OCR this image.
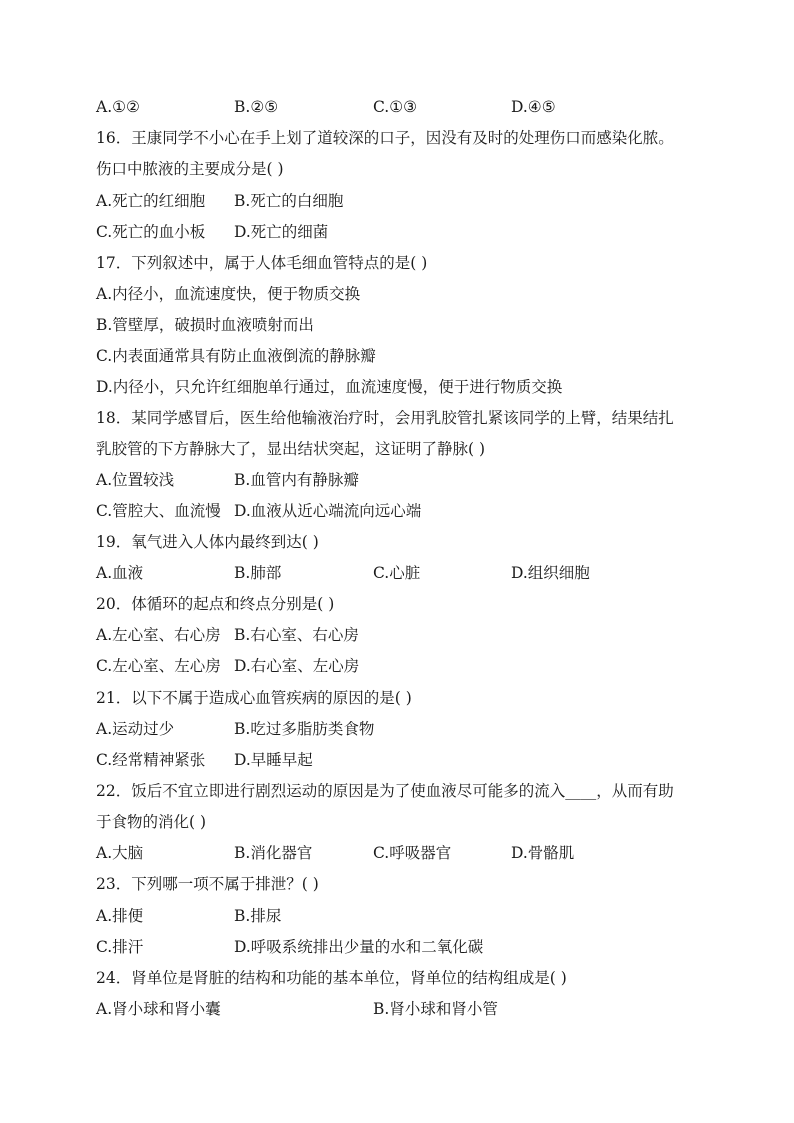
A.①②	B.②⑤	C.①③	D.④⑤
16．王康同学不小心在手上划了道较深的口子，因没有及时的处理伤口而感染化脓。
伤口中脓液的主要成分是( )
A.死亡的红细胞 B.死亡的白细胞
C.死亡的血小板 D.死亡的细菌
17．下列叙述中，属于人体毛细血管特点的是( )
A.内径小，血流速度快，便于物质交换
B.管壁厚，破损时血液喷射而出
C.内表面通常具有防止血液倒流的静脉瓣
D.内径小，只允许红细胞单行通过，血流速度慢，便于进行物质交换
18．某同学感冒后，医生给他输液治疗时，会用乳胶管扎紧该同学的上臂，结果结扎
乳胶管的下方静脉大了，显出结状突起，这证明了静脉( )
A.位置较浅	B.血管内有静脉瓣
C.管腔大、血流慢 D.血液从近心端流向远心端
19．氧气进入人体内最终到达( )
A.血液	B.肺部	C.心脏	D.组织细胞
20．体循环的起点和终点分别是( )
A.左心室、右心房 B.右心室、右心房
C.左心室、左心房 D.右心室、左心房
21．以下不属于造成心血管疾病的原因的是( )
A.运动过少	B.吃过多脂肪类食物
C.经常精神紧张 D.早睡早起
22．饭后不宜立即进行剧烈运动的原因是为了使血液尽可能多的流入____，从而有助
于食物的消化( )
A.大脑	B.消化器官	C.呼吸器官	D.骨骼肌
23．下列哪一项不属于排泄？( )
A.排便	B.排尿
C.排汗	D.呼吸系统排出少量的水和二氧化碳
24．肾单位是肾脏的结构和功能的基本单位，肾单位的结构组成是( )
A.肾小球和肾小囊	B.肾小球和肾小管
